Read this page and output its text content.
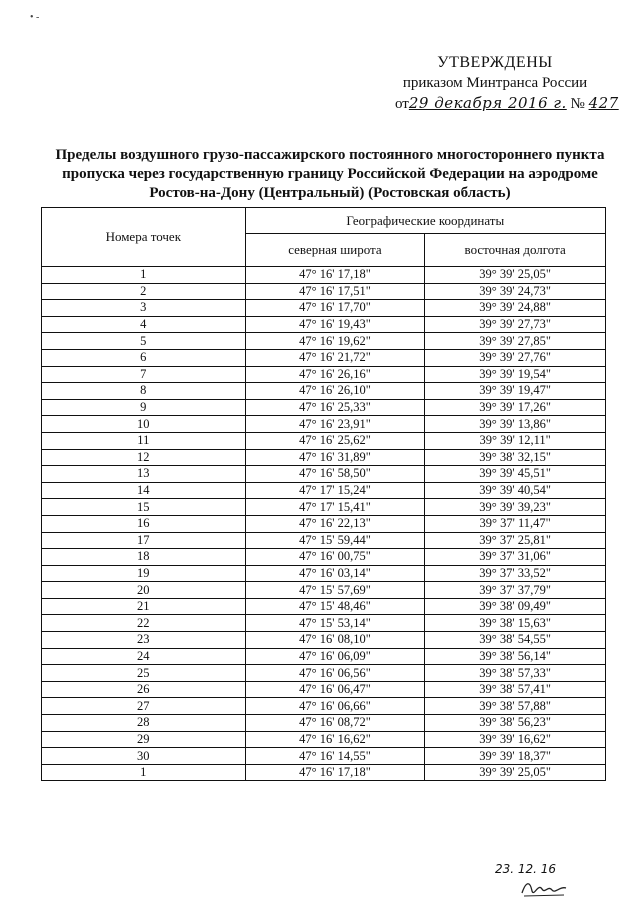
• ‐
УТВЕРЖДЕНЫ
приказом Минтранса России
от29 декабря 2016 г. № 427
Пределы воздушного грузо-пассажирского постоянного многостороннего пункта пропуска через государственную границу Российской Федерации на аэродроме Ростов-на-Дону (Центральный) (Ростовская область)
Номера точек	Географические координаты	
	северная широта	восточная долгота
1	47° 16' 17,18"	39° 39' 25,05"
2	47° 16' 17,51"	39° 39' 24,73"
3	47° 16' 17,70"	39° 39' 24,88"
4	47° 16' 19,43"	39° 39' 27,73"
5	47° 16' 19,62"	39° 39' 27,85"
6	47° 16' 21,72"	39° 39' 27,76"
7	47° 16' 26,16"	39° 39' 19,54"
8	47° 16' 26,10"	39° 39' 19,47"
9	47° 16' 25,33"	39° 39' 17,26"
10	47° 16' 23,91"	39° 39' 13,86"
11	47° 16' 25,62"	39° 39' 12,11"
12	47° 16' 31,89"	39° 38' 32,15"
13	47° 16' 58,50"	39° 39' 45,51"
14	47° 17' 15,24"	39° 39' 40,54"
15	47° 17' 15,41"	39° 39' 39,23"
16	47° 16' 22,13"	39° 37' 11,47"
17	47° 15' 59,44"	39° 37' 25,81"
18	47° 16' 00,75"	39° 37' 31,06"
19	47° 16' 03,14"	39° 37' 33,52"
20	47° 15' 57,69"	39° 37' 37,79"
21	47° 15' 48,46"	39° 38' 09,49"
22	47° 15' 53,14"	39° 38' 15,63"
23	47° 16' 08,10"	39° 38' 54,55"
24	47° 16' 06,09"	39° 38' 56,14"
25	47° 16' 06,56"	39° 38' 57,33"
26	47° 16' 06,47"	39° 38' 57,41"
27	47° 16' 06,66"	39° 38' 57,88"
28	47° 16' 08,72"	39° 38' 56,23"
29	47° 16' 16,62"	39° 39' 16,62"
30	47° 16' 14,55"	39° 39' 18,37"
1	47° 16' 17,18"	39° 39' 25,05"
23. 12. 16
